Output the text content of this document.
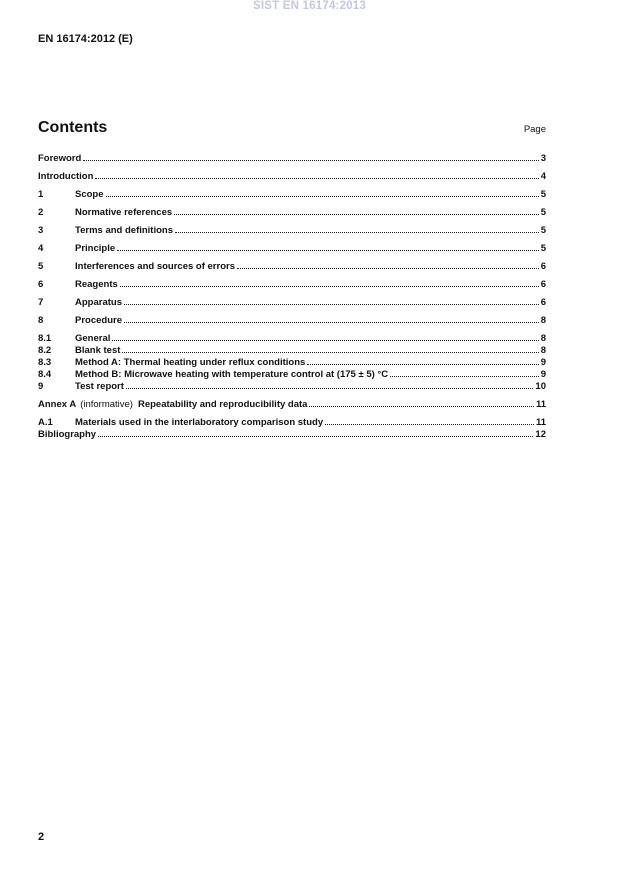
SIST EN 16174:2013
EN 16174:2012 (E)
Contents	Page
Foreword	3
Introduction	4
1	Scope	5
2	Normative references	5
3	Terms and definitions	5
4	Principle	5
5	Interferences and sources of errors	6
6	Reagents	6
7	Apparatus	6
8	Procedure	8
8.1	General	8
8.2	Blank test	8
8.3	Method A: Thermal heating under reflux conditions	9
8.4	Method B: Microwave heating with temperature control at (175 ± 5) °C	9
9	Test report	10
Annex A (informative) Repeatability and reproducibility data	11
A.1	Materials used in the interlaboratory comparison study	11
Bibliography	12
2
